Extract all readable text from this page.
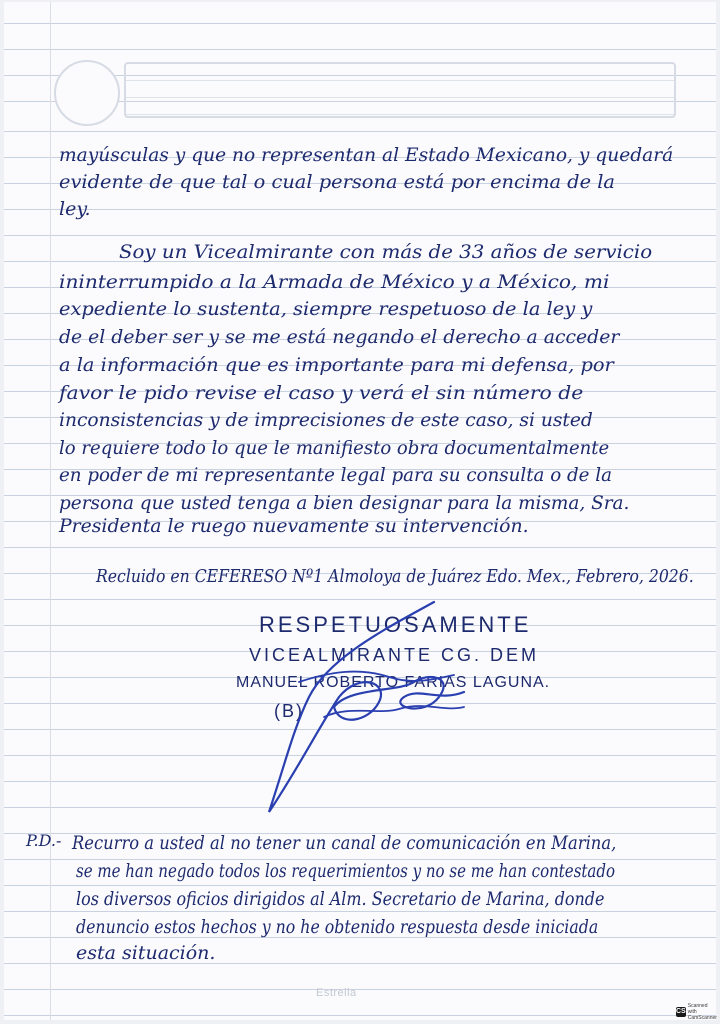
mayúsculas y que no representan al Estado Mexicano, y quedará
evidente de que tal o cual persona está por encima de la
ley.
Soy un Vicealmirante con más de 33 años de servicio
ininterrumpido a la Armada de México y a México, mi
expediente lo sustenta, siempre respetuoso de la ley y
de el deber ser y se me está negando el derecho a acceder
a la información que es importante para mi defensa, por
favor le pido revise el caso y verá el sin número de
inconsistencias y de imprecisiones de este caso, si usted
lo requiere todo lo que le manifiesto obra documentalmente
en poder de mi representante legal para su consulta o de la
persona que usted tenga a bien designar para la misma, Sra.
Presidenta le ruego nuevamente su intervención.
Recluido en CEFERESO Nº1 Almoloya de Juárez Edo. Mex., Febrero, 2026.
RESPETUOSAMENTE
VICEALMIRANTE CG. DEM
MANUEL ROBERTO FARIAS LAGUNA.
(B)
P.D.- Recurro a usted al no tener un canal de comunicación en Marina,
se me han negado todos los requerimientos y no se me han contestado
los diversos oficios dirigidos al Alm. Secretario de Marina, donde
denuncio estos hechos y no he obtenido respuesta desde iniciada
esta situación.
Estrella
CS
Scanned with
CamScanner
